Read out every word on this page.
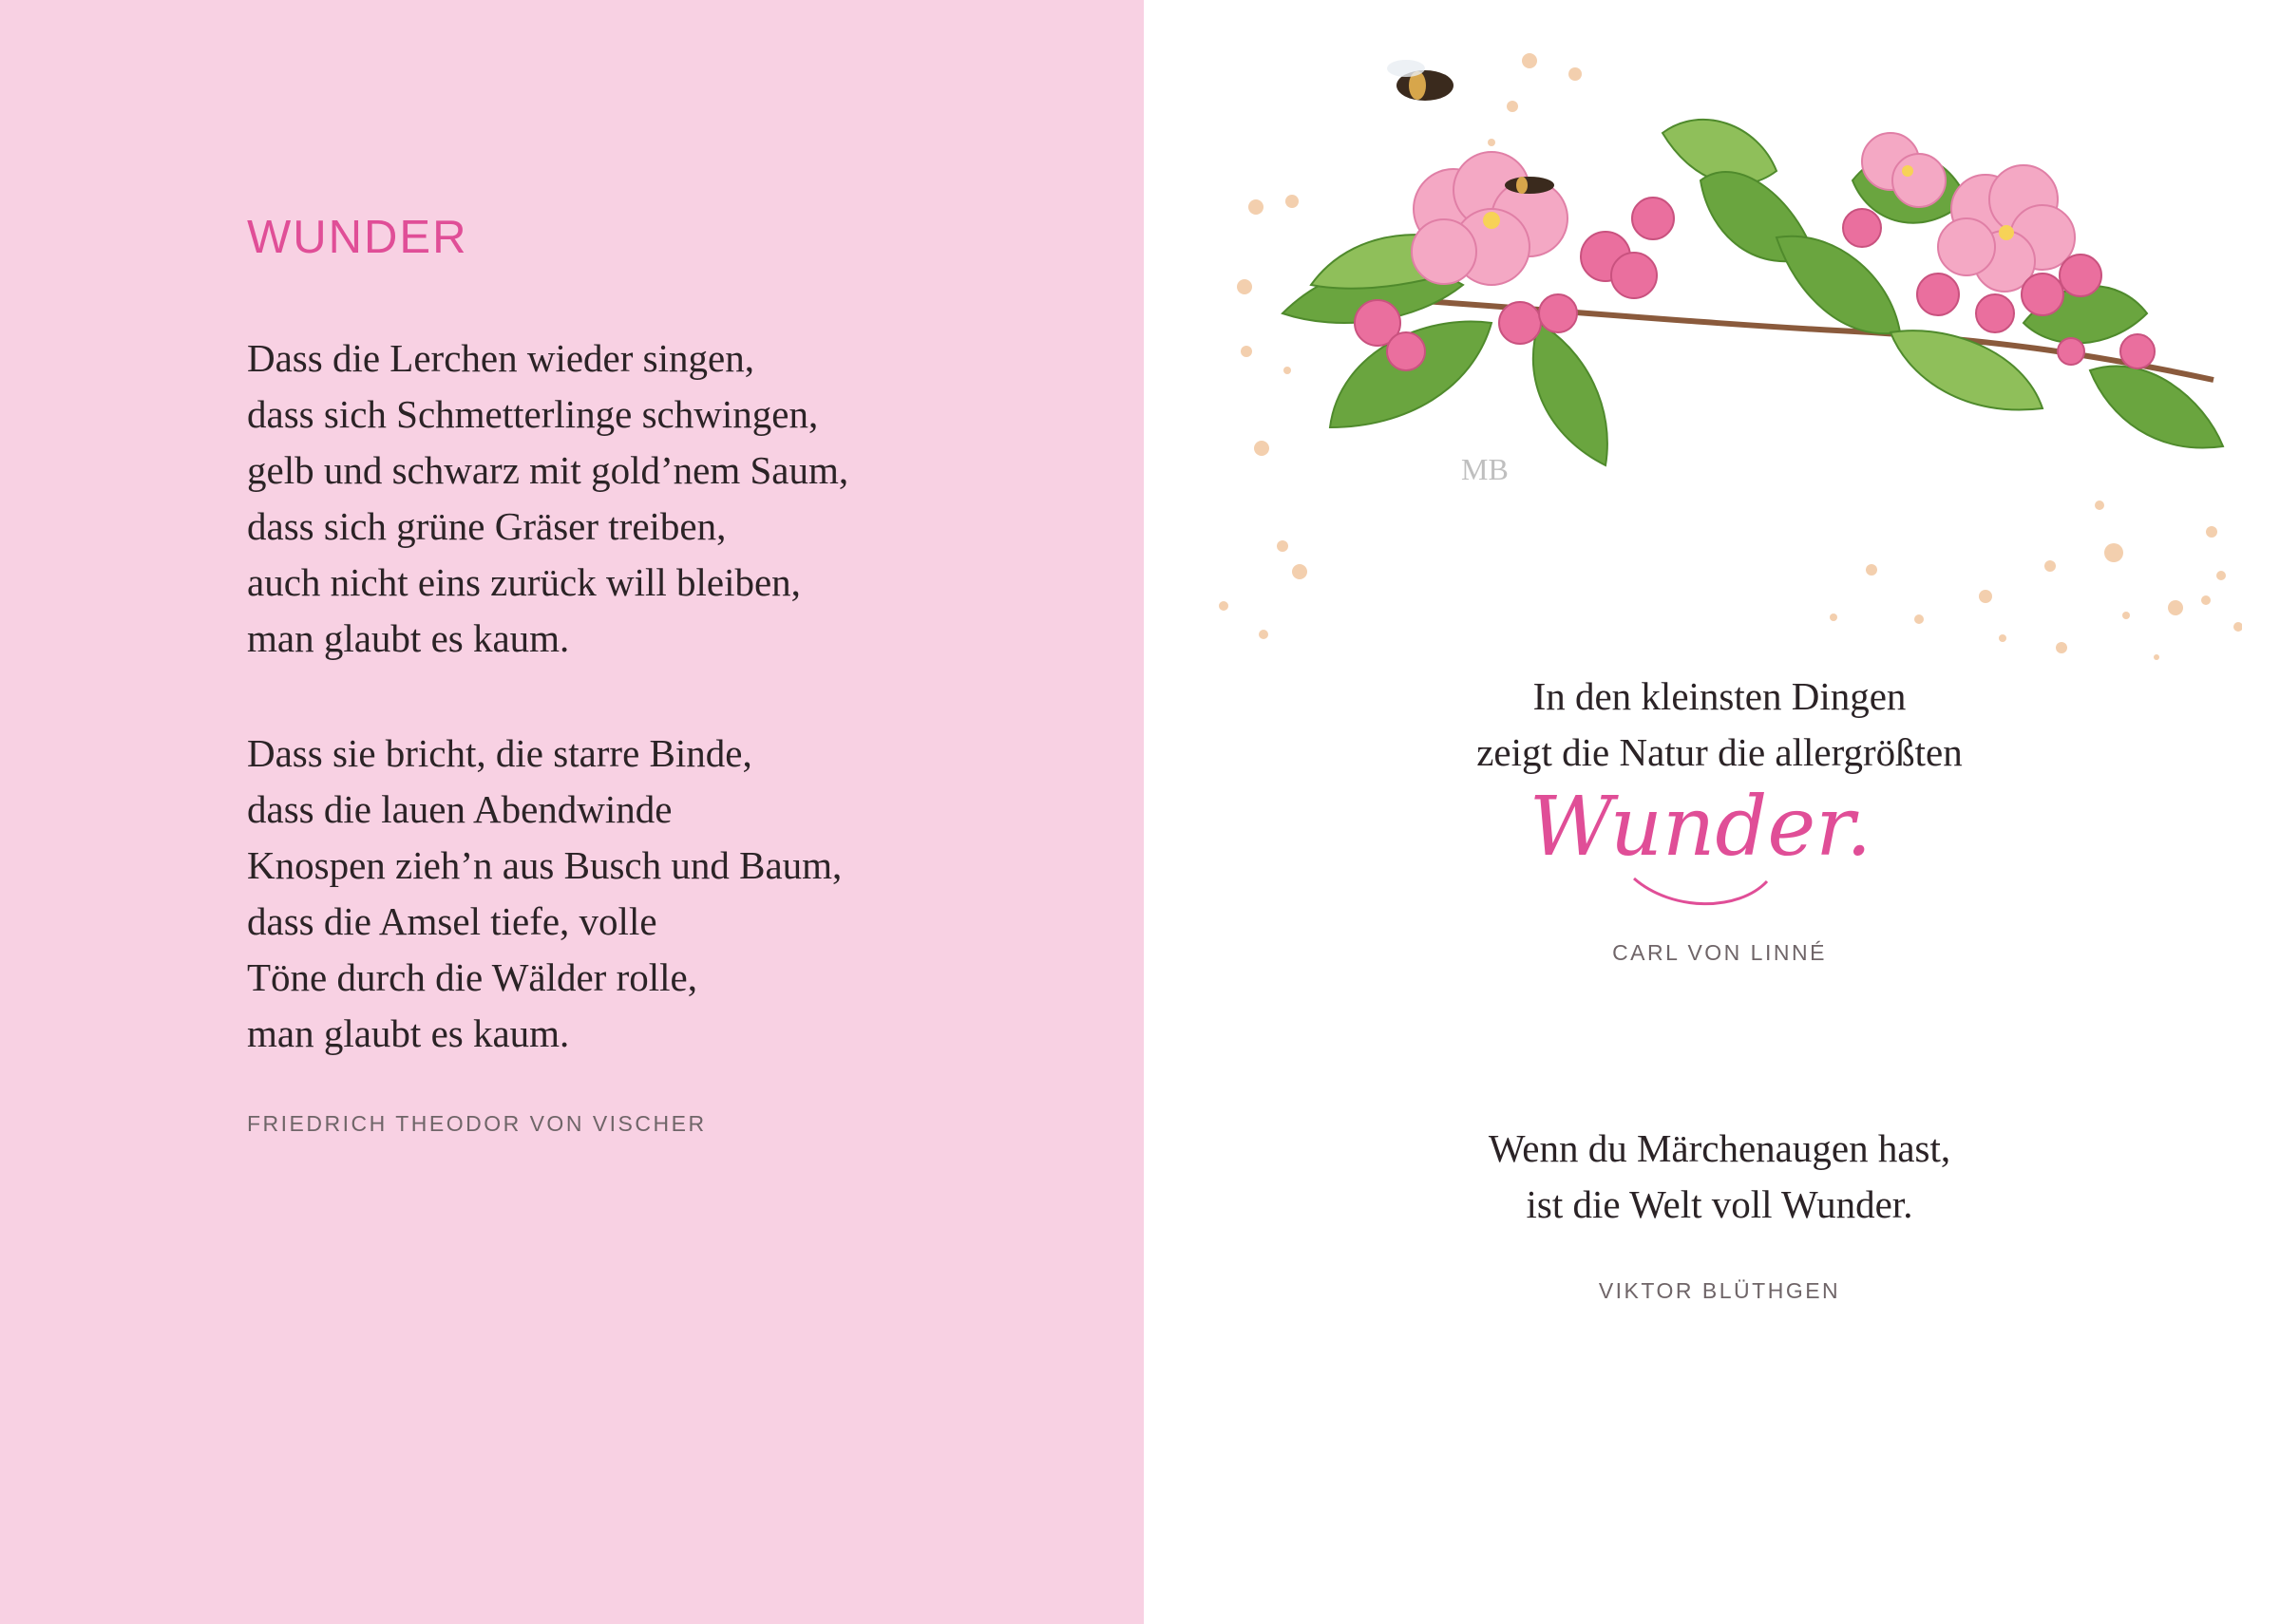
WUNDER
Dass die Lerchen wieder singen,
dass sich Schmetterlinge schwingen,
gelb und schwarz mit gold’nem Saum,
dass sich grüne Gräser treiben,
auch nicht eins zurück will bleiben,
man glaubt es kaum.
Dass sie bricht, die starre Binde,
dass die lauen Abendwinde
Knospen zieh’n aus Busch und Baum,
dass die Amsel tiefe, volle
Töne durch die Wälder rolle,
man glaubt es kaum.
FRIEDRICH THEODOR VON VISCHER
MB
In den kleinsten Dingen
zeigt die Natur die allergrößten
Wunder.
CARL VON LINNÉ
Wenn du Märchenaugen hast,
ist die Welt voll Wunder.
VIKTOR BLÜTHGEN
